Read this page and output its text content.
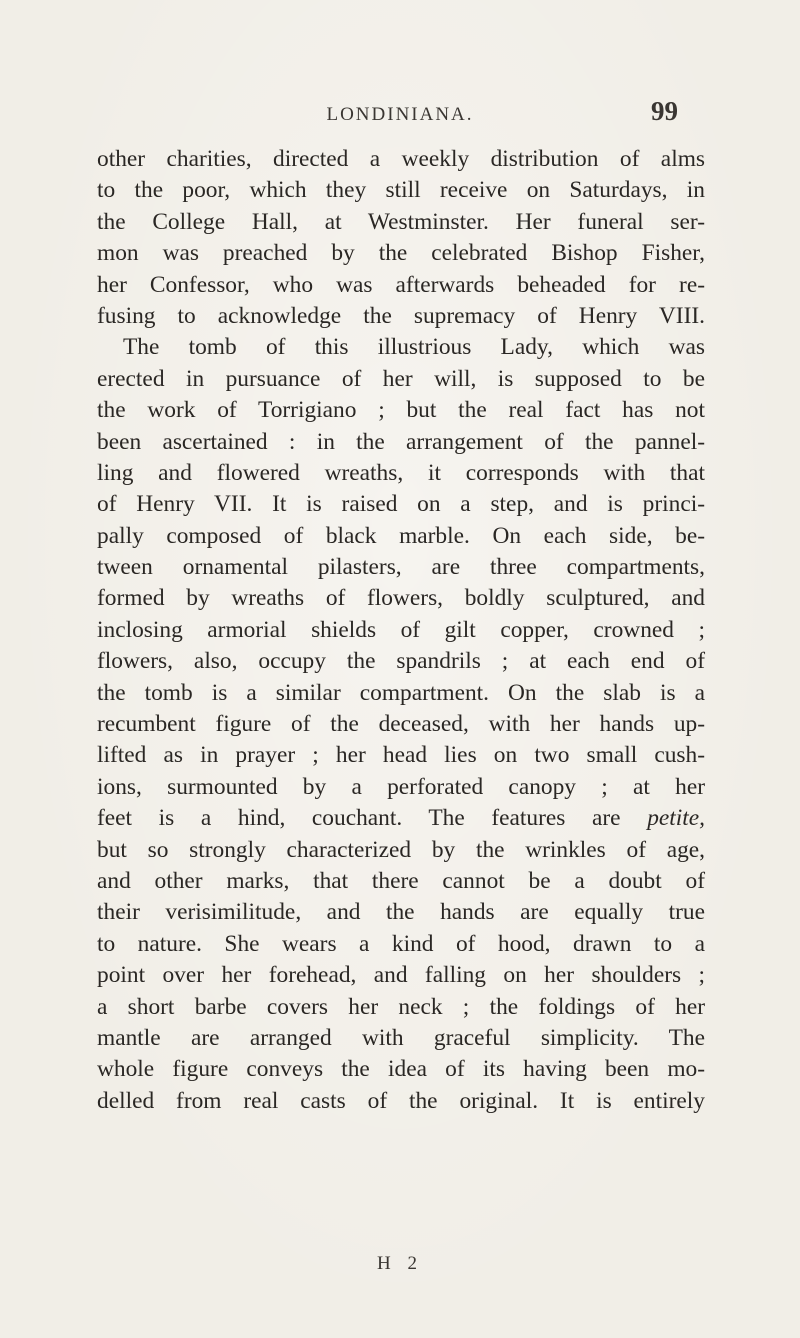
LONDINIANA.	99
other charities, directed a weekly distribution of alms
to the poor, which they still receive on Saturdays, in
the College Hall, at Westminster. Her funeral ser-
mon was preached by the celebrated Bishop Fisher,
her Confessor, who was afterwards beheaded for re-
fusing to acknowledge the supremacy of Henry VIII.
The tomb of this illustrious Lady, which was
erected in pursuance of her will, is supposed to be
the work of Torrigiano ; but the real fact has not
been ascertained : in the arrangement of the pannel-
ling and flowered wreaths, it corresponds with that
of Henry VII. It is raised on a step, and is princi-
pally composed of black marble. On each side, be-
tween ornamental pilasters, are three compartments,
formed by wreaths of flowers, boldly sculptured, and
inclosing armorial shields of gilt copper, crowned ;
flowers, also, occupy the spandrils ; at each end of
the tomb is a similar compartment. On the slab is a
recumbent figure of the deceased, with her hands up-
lifted as in prayer ; her head lies on two small cush-
ions, surmounted by a perforated canopy ; at her
feet is a hind, couchant. The features are petite,
but so strongly characterized by the wrinkles of age,
and other marks, that there cannot be a doubt of
their verisimilitude, and the hands are equally true
to nature. She wears a kind of hood, drawn to a
point over her forehead, and falling on her shoulders ;
a short barbe covers her neck ; the foldings of her
mantle are arranged with graceful simplicity. The
whole figure conveys the idea of its having been mo-
delled from real casts of the original. It is entirely
H 2
